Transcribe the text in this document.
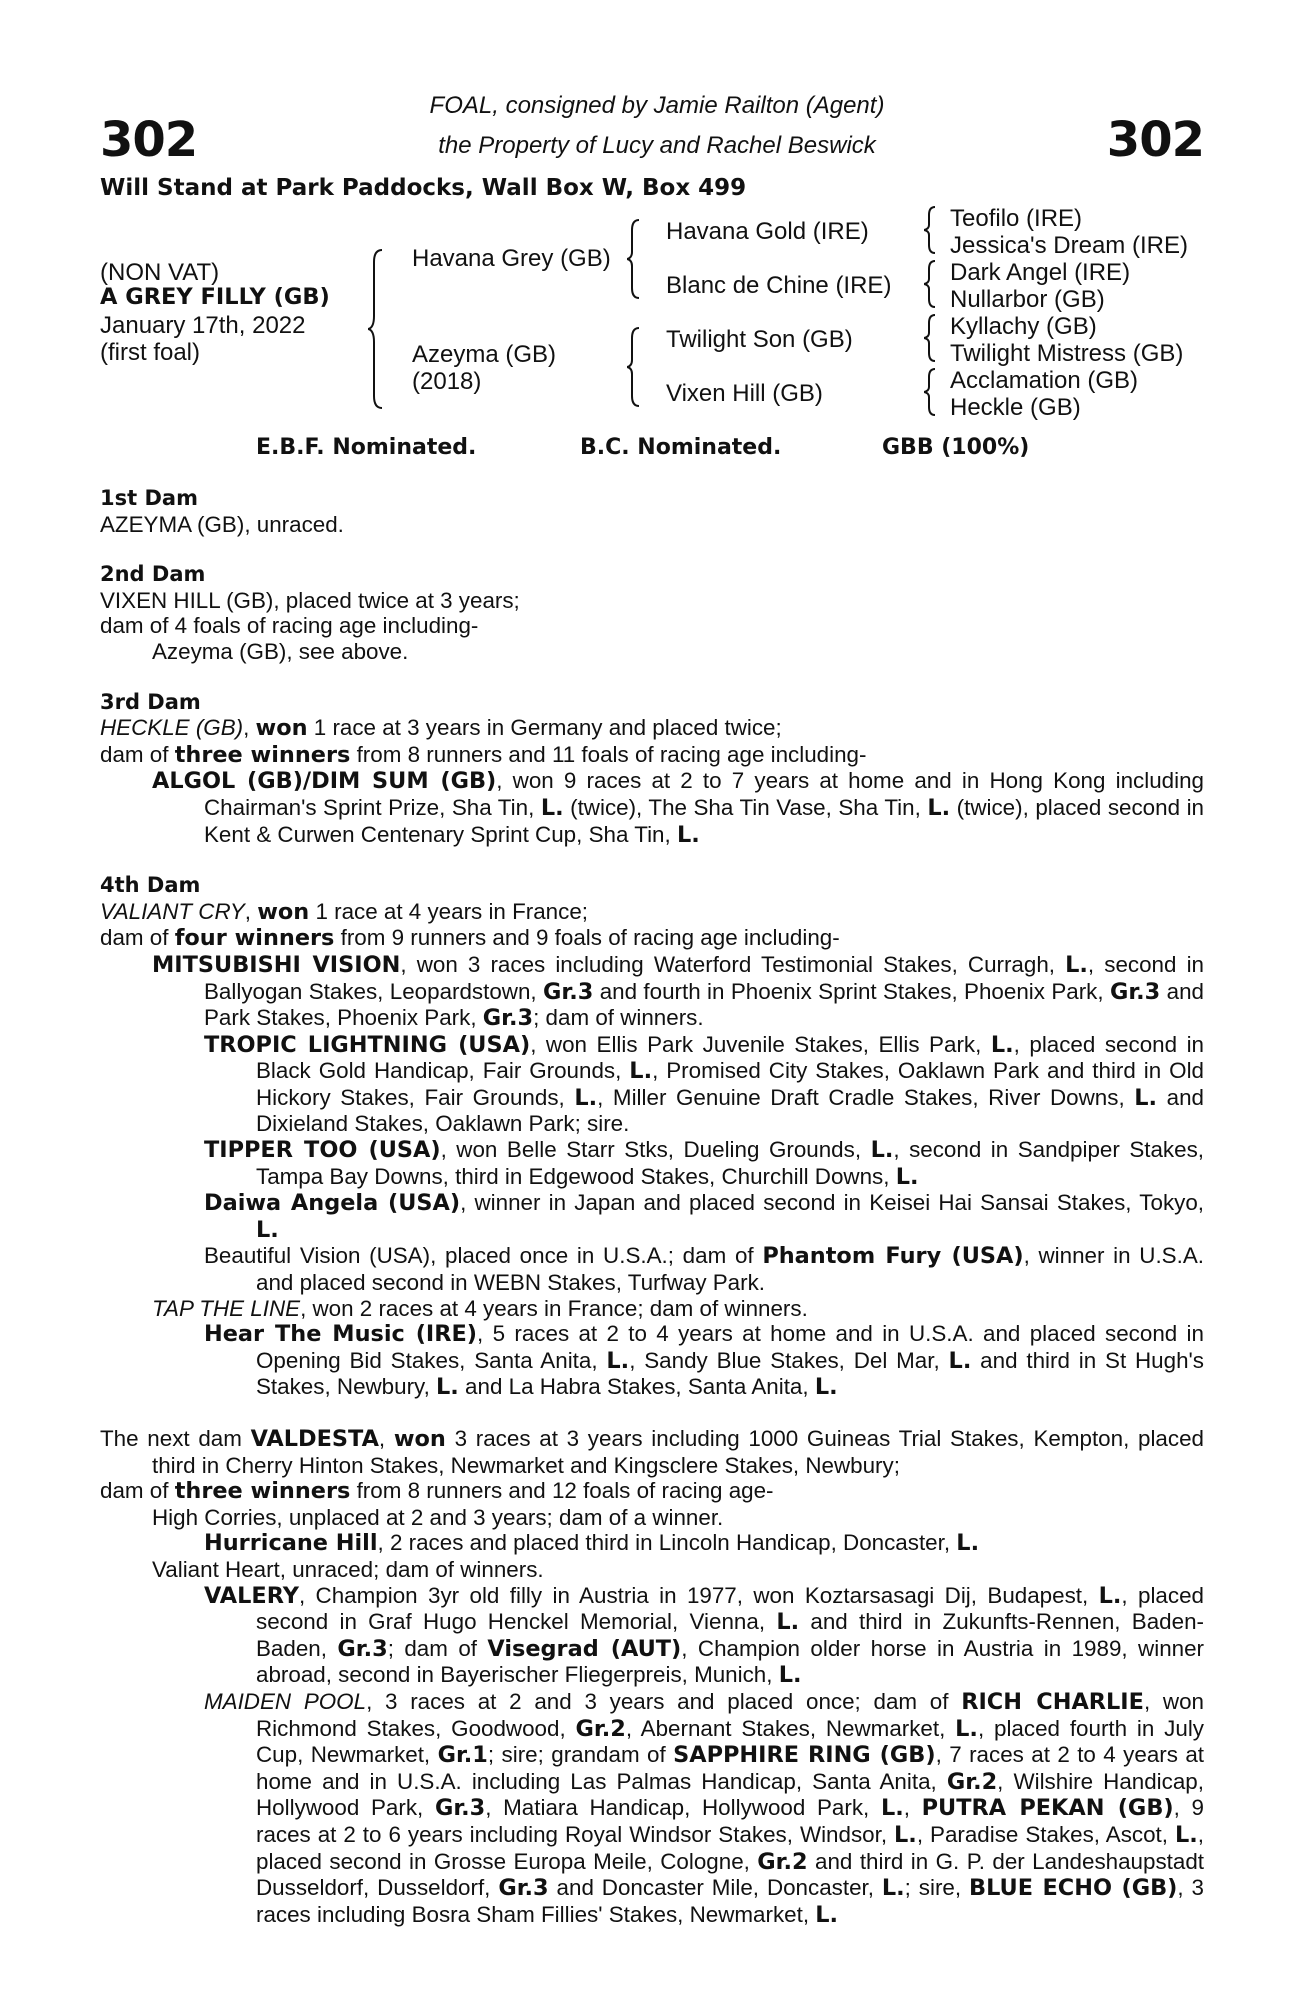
302	302
FOAL, consigned by Jamie Railton (Agent)
the Property of Lucy and Rachel Beswick
Will Stand at Park Paddocks, Wall Box W, Box 499
(NON VAT)
A GREY FILLY (GB)
January 17th, 2022
(first foal)
Havana Grey (GB)
Azeyma (GB)
(2018)
Havana Gold (IRE)
Blanc de Chine (IRE)
Twilight Son (GB)
Vixen Hill (GB)
Teofilo (IRE)
Jessica's Dream (IRE)
Dark Angel (IRE)
Nullarbor (GB)
Kyllachy (GB)
Twilight Mistress (GB)
Acclamation (GB)
Heckle (GB)
E.B.F. Nominated.	B.C. Nominated.	GBB (100%)
1st Dam

AZEYMA (GB), unraced.

2nd Dam

VIXEN HILL (GB), placed twice at 3 years;

dam of 4 foals of racing age including-

Azeyma (GB), see above.

3rd Dam

HECKLE (GB), won 1 race at 3 years in Germany and placed twice;

dam of three winners from 8 runners and 11 foals of racing age including-

ALGOL (GB)/DIM SUM (GB), won 9 races at 2 to 7 years at home and in Hong Kong including Chairman's Sprint Prize, Sha Tin, L. (twice), The Sha Tin Vase, Sha Tin, L. (twice), placed second in Kent & Curwen Centenary Sprint Cup, Sha Tin, L.

4th Dam

VALIANT CRY, won 1 race at 4 years in France;

dam of four winners from 9 runners and 9 foals of racing age including-

MITSUBISHI VISION, won 3 races including Waterford Testimonial Stakes, Curragh, L., second in Ballyogan Stakes, Leopardstown, Gr.3 and fourth in Phoenix Sprint Stakes, Phoenix Park, Gr.3 and Park Stakes, Phoenix Park, Gr.3; dam of winners.

TROPIC LIGHTNING (USA), won Ellis Park Juvenile Stakes, Ellis Park, L., placed second in Black Gold Handicap, Fair Grounds, L., Promised City Stakes, Oaklawn Park and third in Old Hickory Stakes, Fair Grounds, L., Miller Genuine Draft Cradle Stakes, River Downs, L. and Dixieland Stakes, Oaklawn Park; sire.

TIPPER TOO (USA), won Belle Starr Stks, Dueling Grounds, L., second in Sandpiper Stakes, Tampa Bay Downs, third in Edgewood Stakes, Churchill Downs, L.

Daiwa Angela (USA), winner in Japan and placed second in Keisei Hai Sansai Stakes, Tokyo, L.

Beautiful Vision (USA), placed once in U.S.A.; dam of Phantom Fury (USA), winner in U.S.A. and placed second in WEBN Stakes, Turfway Park.

TAP THE LINE, won 2 races at 4 years in France; dam of winners.

Hear The Music (IRE), 5 races at 2 to 4 years at home and in U.S.A. and placed second in Opening Bid Stakes, Santa Anita, L., Sandy Blue Stakes, Del Mar, L. and third in St Hugh's Stakes, Newbury, L. and La Habra Stakes, Santa Anita, L.

The next dam VALDESTA, won 3 races at 3 years including 1000 Guineas Trial Stakes, Kempton, placed third in Cherry Hinton Stakes, Newmarket and Kingsclere Stakes, Newbury;

dam of three winners from 8 runners and 12 foals of racing age-

High Corries, unplaced at 2 and 3 years; dam of a winner.

Hurricane Hill, 2 races and placed third in Lincoln Handicap, Doncaster, L.

Valiant Heart, unraced; dam of winners.

VALERY, Champion 3yr old filly in Austria in 1977, won Koztarsasagi Dij, Budapest, L., placed second in Graf Hugo Henckel Memorial, Vienna, L. and third in Zukunfts-Rennen, Baden-Baden, Gr.3; dam of Visegrad (AUT), Champion older horse in Austria in 1989, winner abroad, second in Bayerischer Fliegerpreis, Munich, L.

MAIDEN POOL, 3 races at 2 and 3 years and placed once; dam of RICH CHARLIE, won Richmond Stakes, Goodwood, Gr.2, Abernant Stakes, Newmarket, L., placed fourth in July Cup, Newmarket, Gr.1; sire; grandam of SAPPHIRE RING (GB), 7 races at 2 to 4 years at home and in U.S.A. including Las Palmas Handicap, Santa Anita, Gr.2, Wilshire Handicap, Hollywood Park, Gr.3, Matiara Handicap, Hollywood Park, L., PUTRA PEKAN (GB), 9 races at 2 to 6 years including Royal Windsor Stakes, Windsor, L., Paradise Stakes, Ascot, L., placed second in Grosse Europa Meile, Cologne, Gr.2 and third in G. P. der Landeshaupstadt Dusseldorf, Dusseldorf, Gr.3 and Doncaster Mile, Doncaster, L.; sire, BLUE ECHO (GB), 3 races including Bosra Sham Fillies' Stakes, Newmarket, L.
